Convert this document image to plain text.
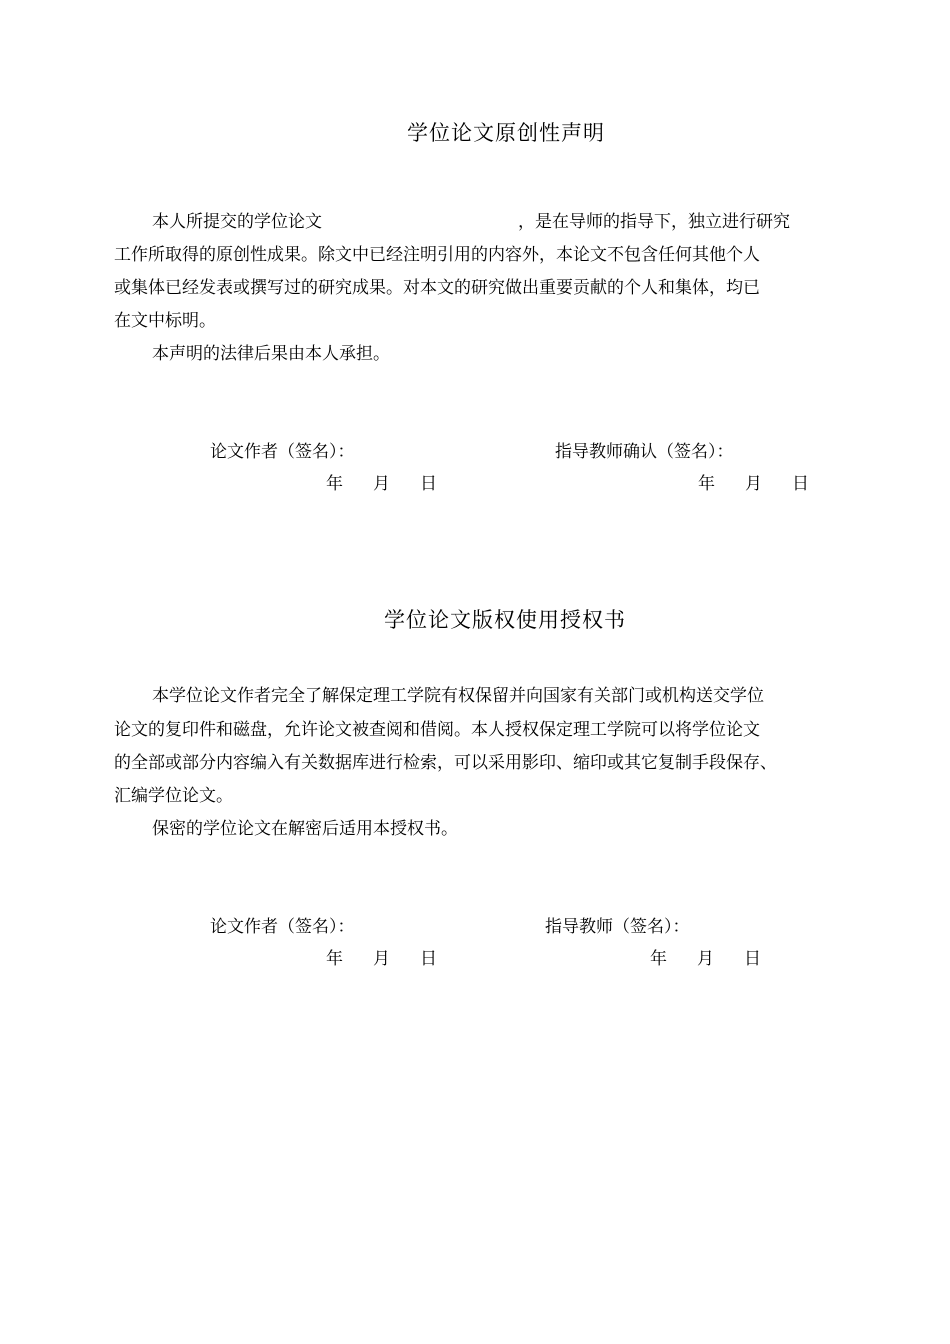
学位论文原创性声明
本人所提交的学位论文	，是在导师的指导下，独立进行研究
工作所取得的原创性成果。除文中已经注明引用的内容外，本论文不包含任何其他个人
或集体已经发表或撰写过的研究成果。对本文的研究做出重要贡献的个人和集体，均已
在文中标明。
本声明的法律后果由本人承担。
论文作者（签名）：	指导教师确认（签名）：
年 月 日	年 月 日
学位论文版权使用授权书
本学位论文作者完全了解保定理工学院有权保留并向国家有关部门或机构送交学位
论文的复印件和磁盘，允许论文被查阅和借阅。本人授权保定理工学院可以将学位论文
的全部或部分内容编入有关数据库进行检索，可以采用影印、缩印或其它复制手段保存、
汇编学位论文。
保密的学位论文在解密后适用本授权书。
论文作者（签名）：	指导教师（签名）：
年 月 日	年 月 日
